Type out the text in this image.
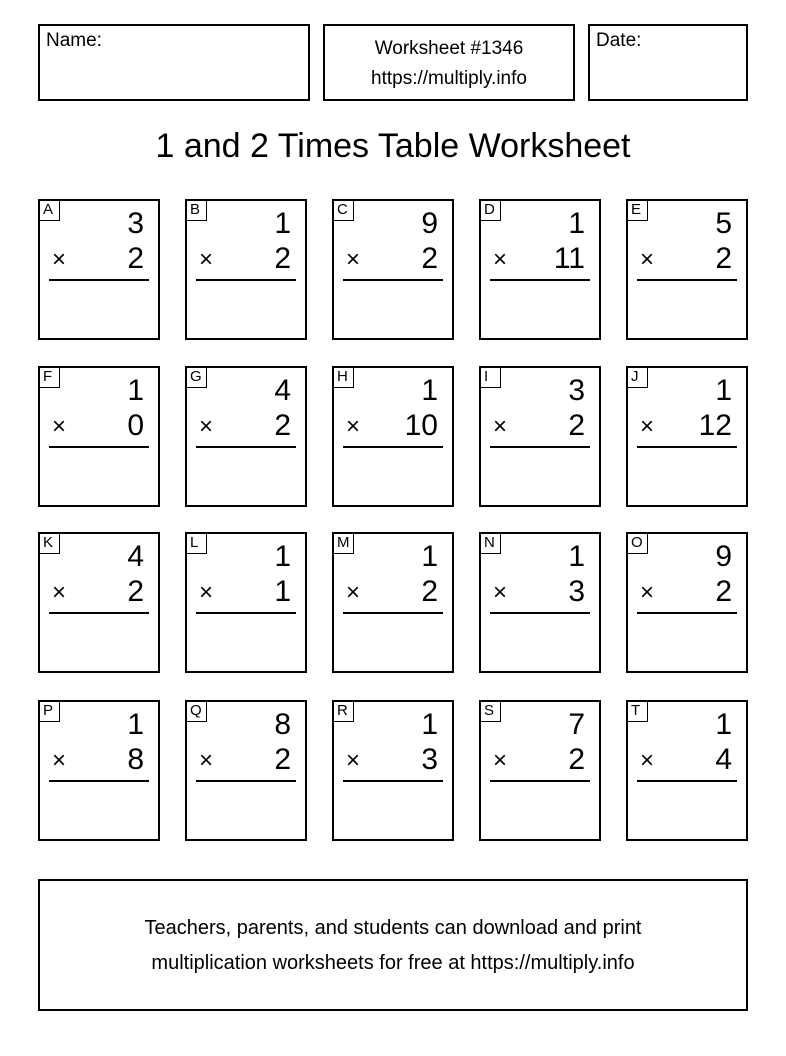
Name:	Worksheet #1346
https://multiply.info
Date:
1 and 2 Times Table Worksheet
A 3
× 2
B 1
× 2
C 9
× 2
D 1
× 11
E 5
× 2
F	1
× 0
G 4
× 2
H 1
× 10
I	3
× 2
J	1
× 12
K 4
× 2
L	1
× 1
M 1
× 2
N 1
× 3
O 9
× 2
P 1
× 8
Q 8
× 2
R 1
× 3
S 7
× 2
T	1
× 4
Teachers, parents, and students can download and print
multiplication worksheets for free at https://multiply.info
